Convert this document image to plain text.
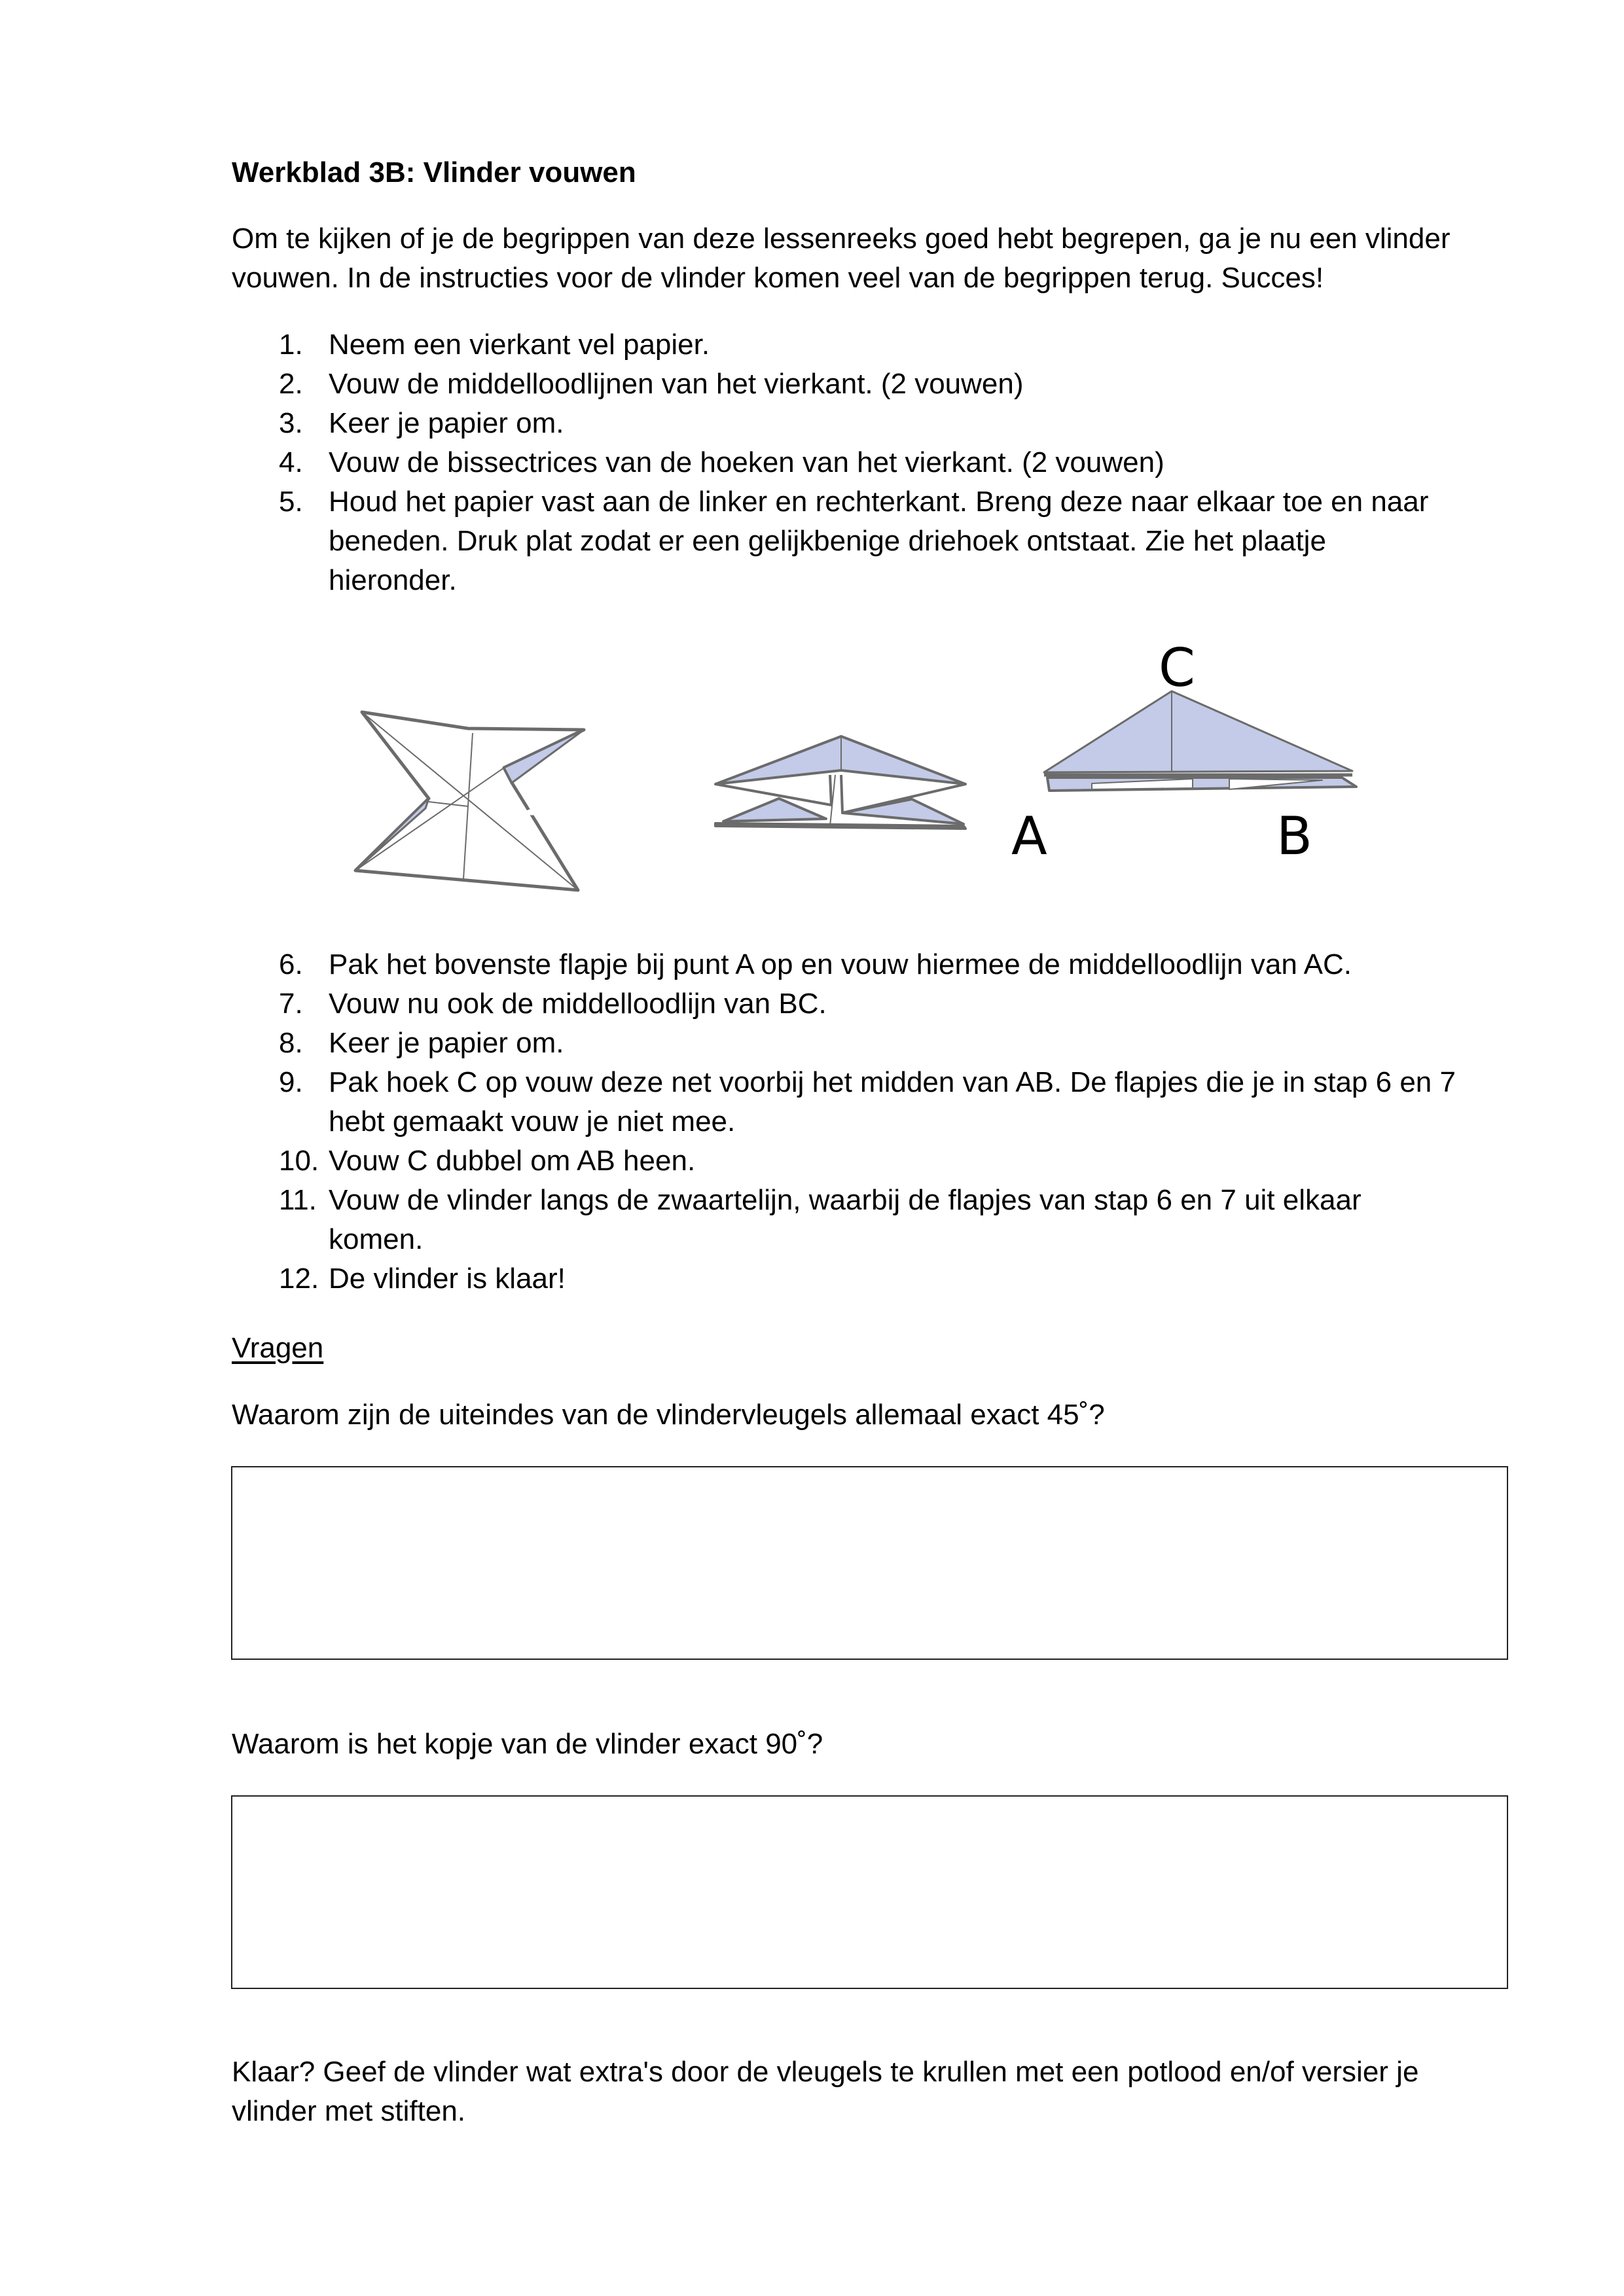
Werkblad 3B: Vlinder vouwen
Om te kijken of je de begrippen van deze lessenreeks goed hebt begrepen, ga je nu een vlinder
vouwen. In de instructies voor de vlinder komen veel van de begrippen terug. Succes!
1. Neem een vierkant vel papier.
2. Vouw de middelloodlijnen van het vierkant. (2 vouwen)
3. Keer je papier om.
4. Vouw de bissectrices van de hoeken van het vierkant. (2 vouwen)
5. Houd het papier vast aan de linker en rechterkant. Breng deze naar elkaar toe en naar
beneden. Druk plat zodat er een gelijkbenige driehoek ontstaat. Zie het plaatje
hieronder.
C
A	B
6. Pak het bovenste flapje bij punt A op en vouw hiermee de middelloodlijn van AC.
7. Vouw nu ook de middelloodlijn van BC.
8. Keer je papier om.
9. Pak hoek C op vouw deze net voorbij het midden van AB. De flapjes die je in stap 6 en 7
hebt gemaakt vouw je niet mee.
10. Vouw C dubbel om AB heen.
11. Vouw de vlinder langs de zwaartelijn, waarbij de flapjes van stap 6 en 7 uit elkaar
komen.
12. De vlinder is klaar!
Vragen
Waarom zijn de uiteindes van de vlindervleugels allemaal exact 45˚?
Waarom is het kopje van de vlinder exact 90˚?
Klaar? Geef de vlinder wat extra's door de vleugels te krullen met een potlood en/of versier je
vlinder met stiften.
